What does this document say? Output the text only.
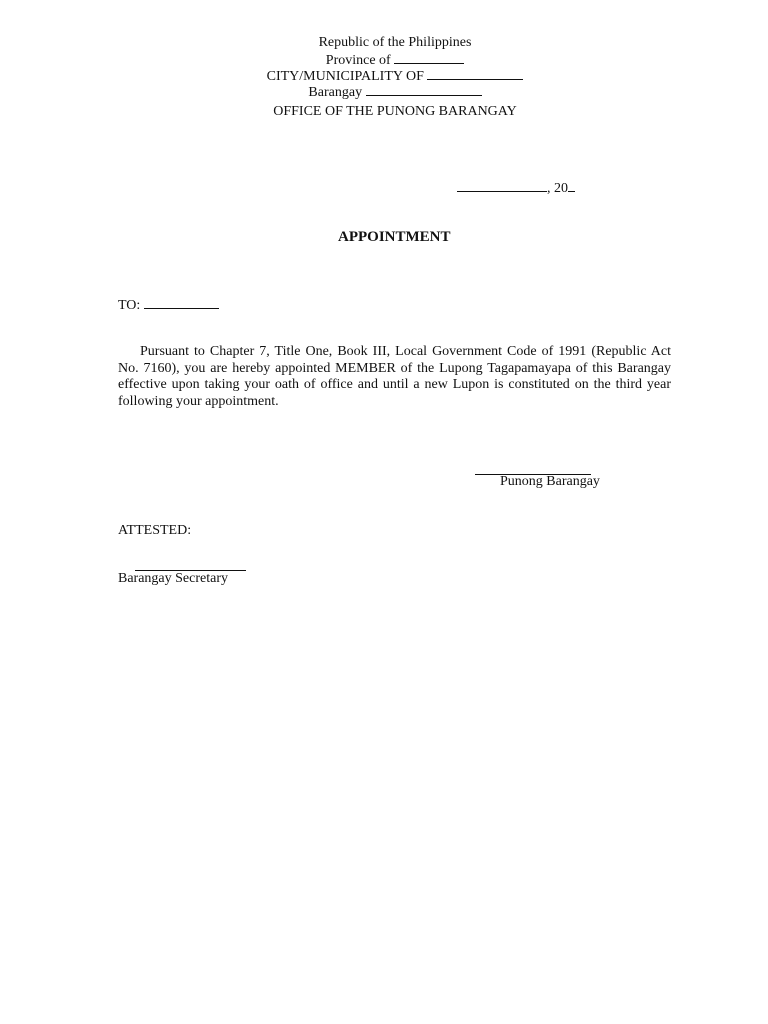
Republic of the Philippines
Province of
CITY/MUNICIPALITY OF
Barangay
OFFICE OF THE PUNONG BARANGAY
, 20
APPOINTMENT
TO:
Pursuant to Chapter 7, Title One, Book III, Local Government Code of 1991 (Republic Act No. 7160), you are hereby appointed MEMBER of the Lupong Tagapamayapa of this Barangay effective upon taking your oath of office and until a new Lupon is constituted on the third year following your appointment.
Punong Barangay
ATTESTED:
Barangay Secretary
